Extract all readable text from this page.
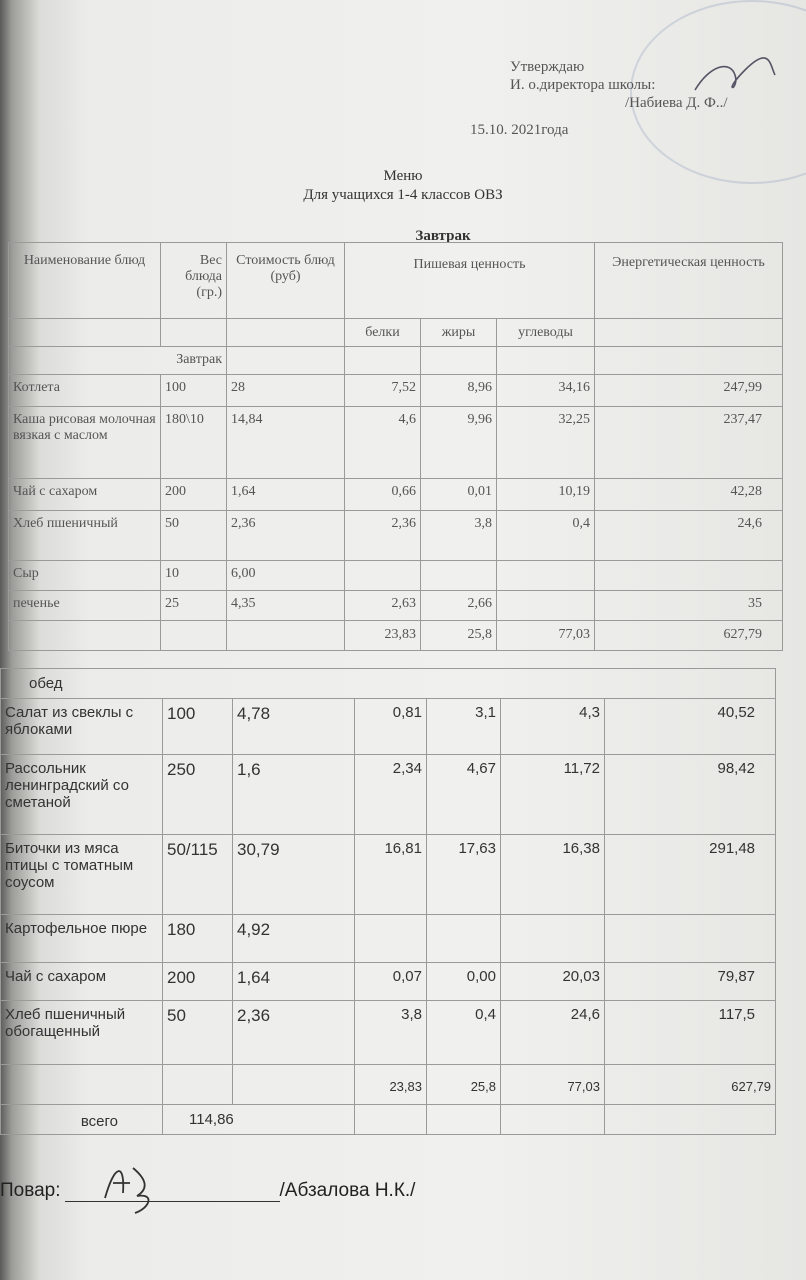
Утверждаю
И. о.директора школы:
/Набиева Д. Ф../
15.10. 2021года
Меню
Для учащихся 1-4 классов ОВЗ
Завтрак
Наименование блюд	Вес блюда (гр.)	Стоимость блюд (руб)	Пишевая ценность			Энергетическая ценность
			белки	жиры	углеводы	
Завтрак						
Котлета	100	28	7,52	8,96	34,16	247,99
Каша рисовая молочная вязкая с маслом	180\10	14,84	4,6	9,96	32,25	237,47
Чай с сахаром	200	1,64	0,66	0,01	10,19	42,28
Хлеб пшеничный	50	2,36	2,36	3,8	0,4	24,6
Сыр	10	6,00				
печенье	25	4,35	2,63	2,66		35
			23,83	25,8	77,03	627,79
обед						
Салат из свеклы с яблоками	100	4,78	0,81	3,1	4,3	40,52
Рассольник ленинградский со сметаной	250	1,6	2,34	4,67	11,72	98,42
Биточки из мяса птицы с томатным соусом	50/115	30,79	16,81	17,63	16,38	291,48
Картофельное пюре	180	4,92				
Чай с сахаром	200	1,64	0,07	0,00	20,03	79,87
Хлеб пшеничный обогащенный	50	2,36	3,8	0,4	24,6	117,5
			23,83	25,8	77,03	627,79
всего	114,86					
Повар:	/Абзалова Н.К./
